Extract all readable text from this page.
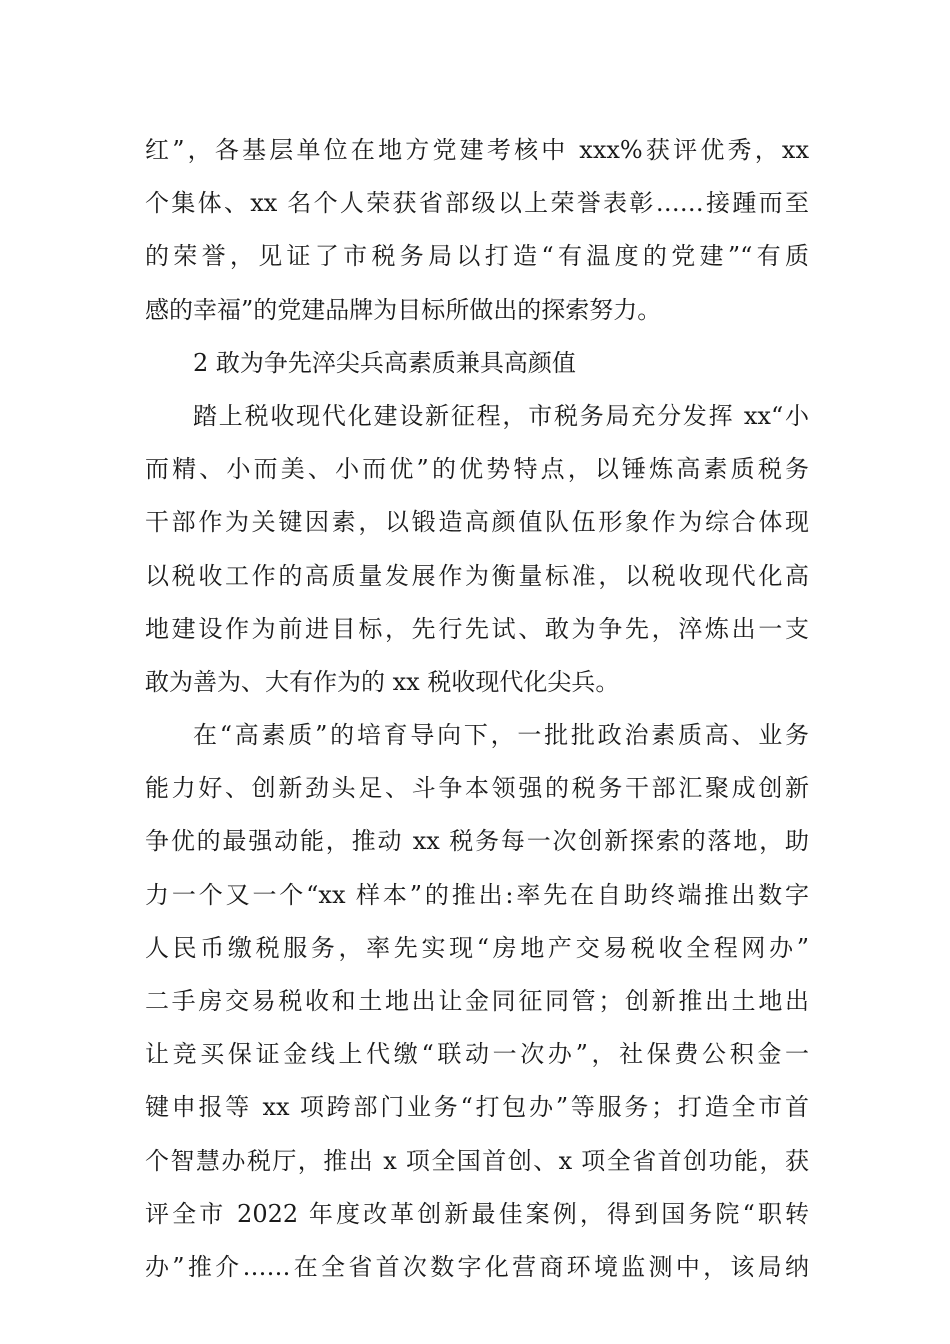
红”，各基层单位在地方党建考核中 xxx%获评优秀，xx
个集体、xx 名个人荣获省部级以上荣誉表彰……接踵而至
的荣誉，见证了市税务局以打造“有温度的党建”“有质
感的幸福”的党建品牌为目标所做出的探索努力。
2 敢为争先淬尖兵高素质兼具高颜值
踏上税收现代化建设新征程，市税务局充分发挥 xx“小
而精、小而美、小而优”的优势特点，以锤炼高素质税务
干部作为关键因素，以锻造高颜值队伍形象作为综合体现
以税收工作的高质量发展作为衡量标准，以税收现代化高
地建设作为前进目标，先行先试、敢为争先，淬炼出一支
敢为善为、大有作为的 xx 税收现代化尖兵。
在“高素质”的培育导向下，一批批政治素质高、业务
能力好、创新劲头足、斗争本领强的税务干部汇聚成创新
争优的最强动能，推动 xx 税务每一次创新探索的落地，助
力一个又一个“xx 样本”的推出:率先在自助终端推出数字
人民币缴税服务，率先实现“房地产交易税收全程网办”
二手房交易税收和土地出让金同征同管；创新推出土地出
让竞买保证金线上代缴“联动一次办”，社保费公积金一
键申报等 xx 项跨部门业务“打包办”等服务；打造全市首
个智慧办税厅，推出 x 项全国首创、x 项全省首创功能，获
评全市 2022 年度改革创新最佳案例，得到国务院“职转
办”推介……在全省首次数字化营商环境监测中，该局纳
